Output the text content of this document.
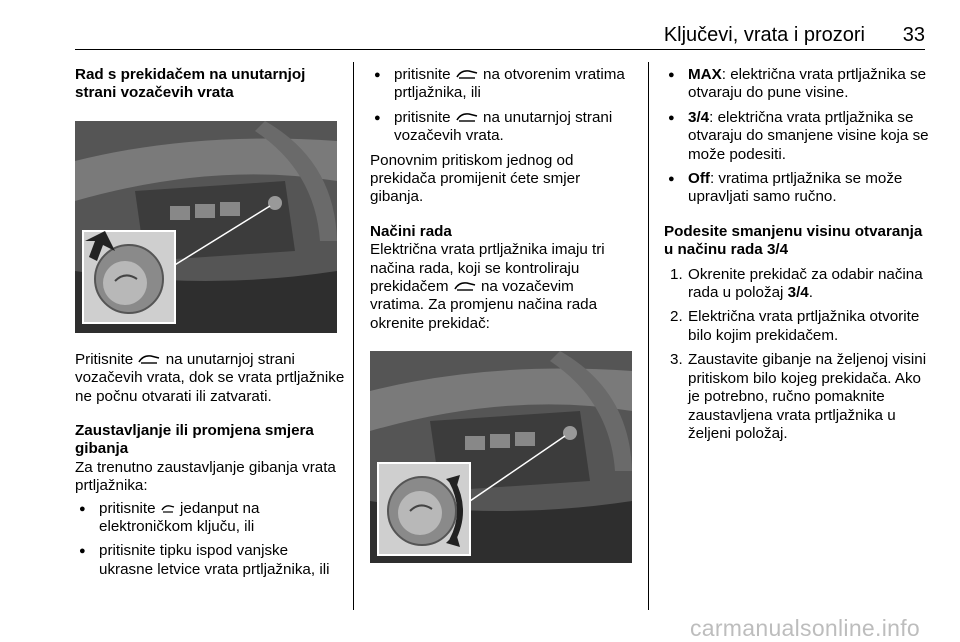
Ključevi, vrata i prozori 33

Rad s prekidačem na unutarnjoj strani vozačevih vrata

Pritisnite na unutarnjoj strani vozačevih vrata, dok se vrata prtljažnike ne počnu otvarati ili zatvarati.

Zaustavljanje ili promjena smjera gibanja

Za trenutno zaustavljanje gibanja vrata prtljažnika:

● pritisnite jedanput na elektroničkom ključu, ili
● pritisnite tipku ispod vanjske ukrasne letvice vrata prtljažnika, ili
● pritisnite na otvorenim vratima prtljažnika, ili
● pritisnite na unutarnjoj strani vozačevih vrata.

Ponovnim pritiskom jednog od prekidača promijenit ćete smjer gibanja.

Načini rada

Električna vrata prtljažnika imaju tri načina rada, koji se kontroliraju prekidačem na vozačevim vratima. Za promjenu načina rada okrenite prekidač:

● MAX: električna vrata prtljažnika se otvaraju do pune visine.
● 3/4: električna vrata prtljažnika se otvaraju do smanjene visine koja se može podesiti.
● Off: vratima prtljažnika se može upravljati samo ručno.

Podesite smanjenu visinu otvaranja u načinu rada 3/4

1. Okrenite prekidač za odabir načina rada u položaj 3/4.
2. Električna vrata prtljažnika otvorite bilo kojim prekidačem.
3. Zaustavite gibanje na željenoj visini pritiskom bilo kojeg prekidača. Ako je potrebno, ručno pomaknite zaustavljena vrata prtljažnika u željeni položaj.
carmanualsonline.info
